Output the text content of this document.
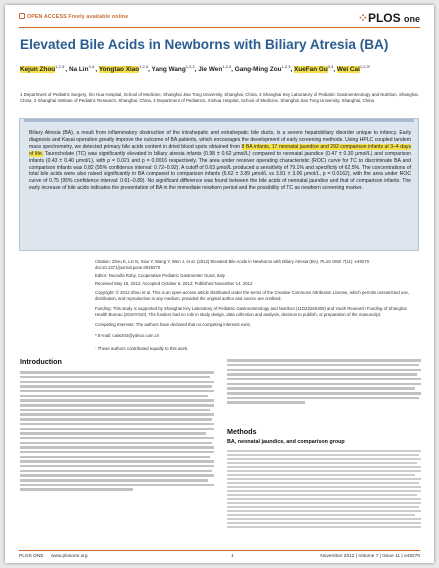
OPEN ACCESS Freely available online	⁘PLOS one
Elevated Bile Acids in Newborns with Biliary Atresia (BA)
Kejun Zhou$^{1,2,3\cdot}$, Na Lin$^{3,4\cdot}$, Yongtao Xiao$^{1,2,3}$, Yang Wang$^{1,2,3}$, Jie Wen$^{1,2,3}$, Gang-Ming Zou$^{1,2,3}$, XueFan Gu$^{3,4}$, Wei Cai$^{1,2,3*}$
1 Department of Pediatric Surgery, Xin Hua Hospital, School of Medicine, Shanghai Jiao Tong University, Shanghai, China, 2 Shanghai Key Laboratory of Pediatric Gastroenterology and Nutrition, Shanghai, China, 3 Shanghai Institute of Pediatric Research, Shanghai, China, 4 Department of Pediatrics, Xinhua Hospital, School of Medicine, Shanghai Jiao Tong University, Shanghai, China
Biliary Atresia (BA), a result from inflammatory obstruction of the intrahepatic and extrahepatic bile ducts, is a severe hepatobiliary disorder unique to infancy. Early diagnosis and Kasai operation greatly improve the outcome of BA patients, which encourages the development of early screening methods. Using HPLC coupled tandem mass spectrometry, we detected primary bile acids content in dried blood spots obtained from 8 BA infants, 17 neonatal jaundice and 292 comparison infants at 3–4 days of life. Taurocholate (TC) was significantly elevated in biliary atresia infants (0.98 ± 0.62 μmol/L) compared to neonatal jaundice (0.47 ± 0.30 μmol/L) and comparison infants (0.43 ± 0.40 μmol/L), with p = 0.021 and p = 0.0016 respectively. The area under receiver operating characteristic (ROC) curve for TC to discriminate BA and comparison infants was 0.82 (95% confidence interval: 0.72–0.92). A cutoff of 0.63 μmol/L produced a sensitivity of 79.1% and specificity of 62.5%. The concentrations of total bile acids were also raised significantly in BA compared to comparison infants (6.62 ± 3.89 μmol/L vs 3.81 ± 3.06 μmol/L, p = 0.0162), with the area under ROC curve of 0.75 (95% confidence interval: 0.61–0.89). No significant difference was found between the bile acids of neonatal jaundice and that of comparison infants. The early increase of bile acids indicates the presentation of BA in the immediate newborn period and the possibility of TC as newborn screening marker.
Citation: Zhou K, Lin N, Xiao Y, Wang Y, Wen J, et al. (2012) Elevated Bile Acids in Newborns with Biliary Atresia (BA). PLoS ONE 7(11): e49270. doi:10.1371/journal.pone.0049270
Editor: Noorulla Roby, Cooperative Pediatric Gastroenter Gund, Italy
Received May 18, 2012; Accepted October 6, 2012; Published November 14, 2012
Copyright: © 2012 Zhou et al. This is an open-access article distributed under the terms of the Creative Commons Attribution License, which permits unrestricted use, distribution, and reproduction in any medium, provided the original author and source are credited.
Funding: This study is supported by Shanghai Key Laboratory of Pediatric Gastroenterology and Nutrition (11DZ2260300) and Youth Research Funding of Shanghai Health Bureau (2010Y010). The funders had no role in study design, data collection and analysis, decision to publish, or preparation of the manuscript.
Competing Interests: The authors have declared that no competing interests exist.
* E-mail: caiw204@yahoo.com.cn
· These authors contributed equally to this work.
Introduction
Methods
BA, neonatal jaundice, and comparison group
PLOS ONE www.plosone.org	1	November 2012 | Volume 7 | Issue 11 | e49270
